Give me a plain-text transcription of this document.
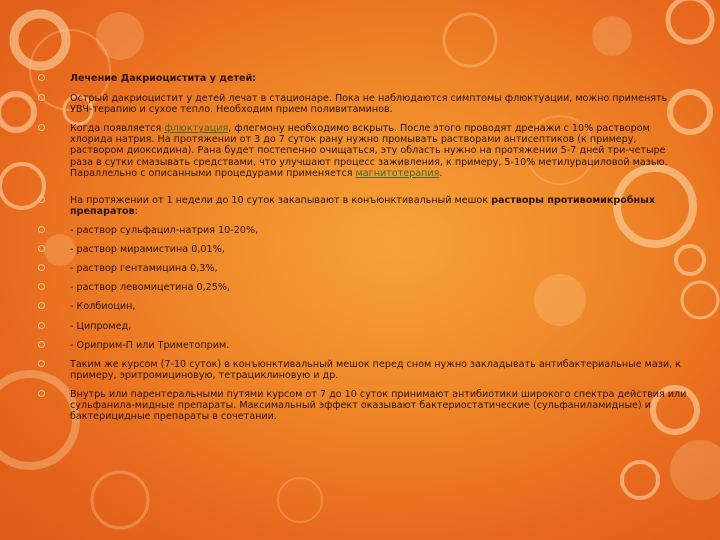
Лечение Дакриоцистита у детей:
Острый дакриоцистит у детей лечат в стационаре. Пока не наблюдаются симптомы флюктуации, можно применять УВЧ-терапию и сухое тепло. Необходим прием поливитаминов.
Когда появляется флюктуация, флегмону необходимо вскрыть. После этого проводят дренажи с 10% раствором хлорида натрия. На протяжении от 3 до 7 суток рану нужно промывать растворами антисептиков (к примеру, раствором диоксидина). Рана будет постепенно очищаться, эту область нужно на протяжении 5-7 дней три-четыре раза в сутки смазывать средствами, что улучшают процесс заживления, к примеру, 5-10% метилурациловой мазью. Параллельно с описанными процедурами применяется магнитотерапия.
На протяжении от 1 недели до 10 суток закапывают в конъюнктивальный мешок растворы противомикробных препаратов:
- раствор сульфацил-натрия 10-20%,
- раствор мирамистина 0,01%,
- раствор гентамицина 0,3%,
- раствор левомицетина 0,25%,
- Колбиоцин,
- Ципромед,
- Ориприм-П или Триметоприм.
Таким же курсом (7-10 суток) в конъюнктивальный мешок перед сном нужно закладывать антибактериальные мази, к примеру, эритромициновую, тетрациклиновую и др.
Внутрь или парентеральными путями курсом от 7 до 10 суток принимают антибиотики широкого спектра действия или сульфанила-мидные препараты. Максимальный эффект оказывают бактериостатические (сульфаниламидные) и бактерицидные препараты в сочетании.
